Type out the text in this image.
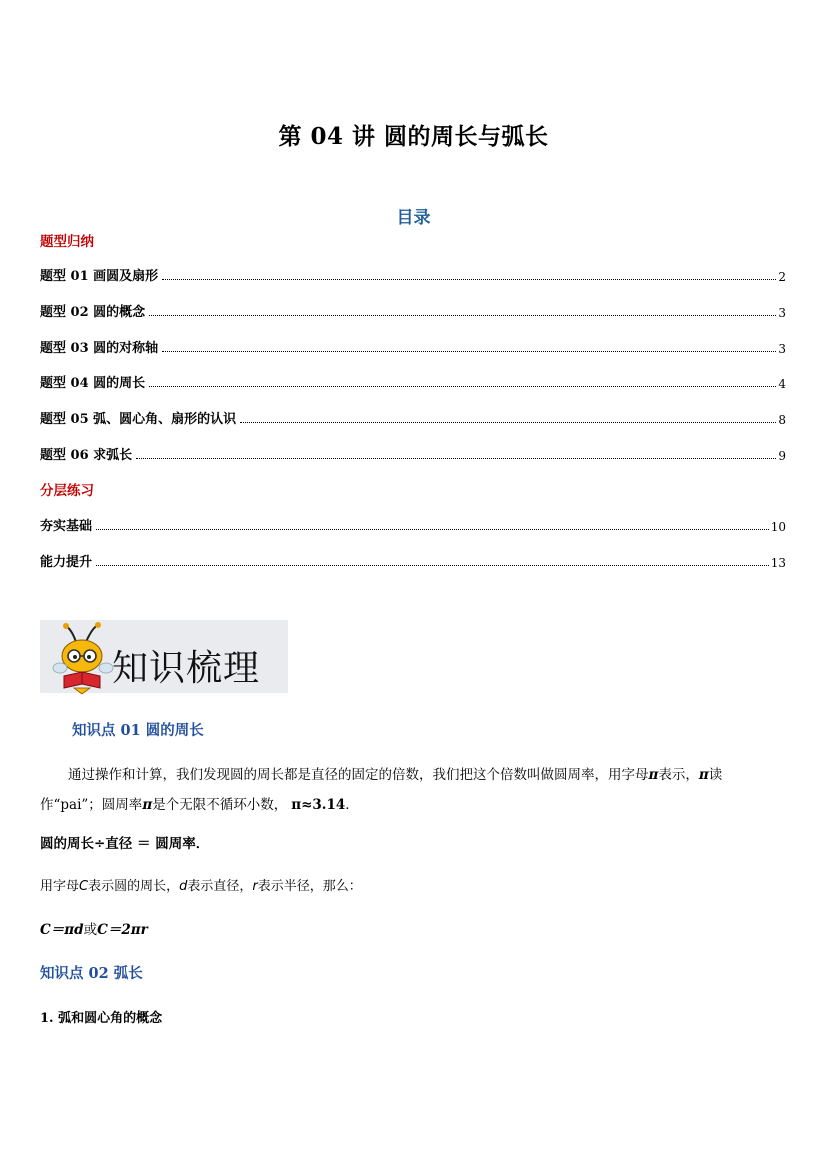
第 04 讲 圆的周长与弧长
目录
题型归纳
题型 01 画圆及扇形	2
题型 02 圆的概念	3
题型 03 圆的对称轴	3
题型 04 圆的周长	4
题型 05 弧、圆心角、扇形的认识	8
题型 06 求弧长	9
分层练习
夯实基础	10
能力提升	13
知识梳理
知识点 01 圆的周长
通过操作和计算，我们发现圆的周长都是直径的固定的倍数，我们把这个倍数叫做圆周率，用字母π表示，π读
作“pai”；圆周率π是个无限不循环小数， π≈3.14．
圆的周长÷直径 ＝ 圆周率．
用字母C表示圆的周长，d表示直径，r表示半径，那么：
C＝πd或C＝2πr
知识点 02 弧长
1. 弧和圆心角的概念
